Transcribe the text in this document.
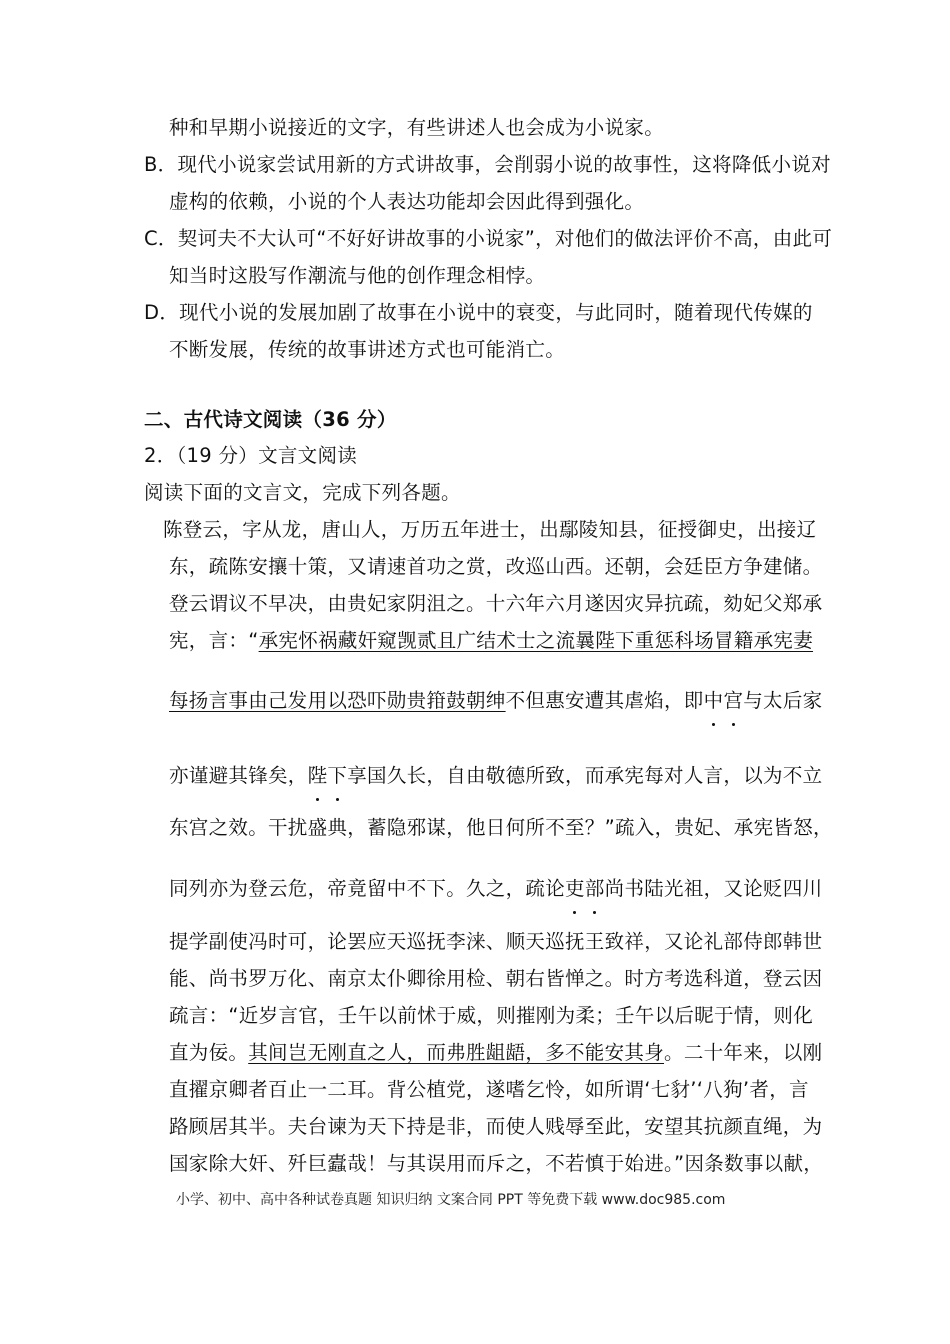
种和早期小说接近的文字，有些讲述人也会成为小说家。
B．现代小说家尝试用新的方式讲故事，会削弱小说的故事性，这将降低小说对
虚构的依赖，小说的个人表达功能却会因此得到强化。
C．契诃夫不大认可“不好好讲故事的小说家”，对他们的做法评价不高，由此可
知当时这股写作潮流与他的创作理念相悖。
D．现代小说的发展加剧了故事在小说中的衰变，与此同时，随着现代传媒的
不断发展，传统的故事讲述方式也可能消亡。
二、古代诗文阅读（36 分）
2．（19 分）文言文阅读
阅读下面的文言文，完成下列各题。
陈登云，字从龙，唐山人，万历五年进士，出鄢陵知县，征授御史，出接辽
东，疏陈安攘十策，又请速首功之赏，改巡山西。还朝，会廷臣方争建储。
登云谓议不早决，由贵妃家阴沮之。十六年六月遂因灾异抗疏，劾妃父郑承
宪，言：“承宪怀祸藏奸窥觊贰且广结术士之流曩陛下重惩科场冒籍承宪妻
每扬言事由己发用以恐吓勋贵箝鼓朝绅不但惠安遭其虐焰，即中宫与太后家
亦谨避其锋矣，陛下享国久长，自由敬德所致，而承宪每对人言，以为不立
东宫之效。干扰盛典，蓄隐邪谋，他日何所不至？”疏入，贵妃、承宪皆怒，
同列亦为登云危，帝竟留中不下。久之，疏论吏部尚书陆光祖，又论贬四川
提学副使冯时可，论罢应天巡抚李涞、顺天巡抚王致祥，又论礼部侍郎韩世
能、尚书罗万化、南京太仆卿徐用检、朝右皆惮之。时方考选科道，登云因
疏言：“近岁言官，壬午以前怵于威，则摧刚为柔；壬午以后昵于情，则化
直为佞。其间岂无刚直之人，而弗胜龃龉，多不能安其身。二十年来，以刚
直擢京卿者百止一二耳。背公植党，遂嗜乞怜，如所谓‘七豺’‘八狗’者，言
路顾居其半。夫台谏为天下持是非，而使人贱辱至此，安望其抗颜直绳，为
国家除大奸、歼巨蠹哉！与其误用而斥之，不若慎于始进。”因条数事以献，
小学、初中、高中各种试卷真题 知识归纳 文案合同 PPT 等免费下载 www.doc985.com
